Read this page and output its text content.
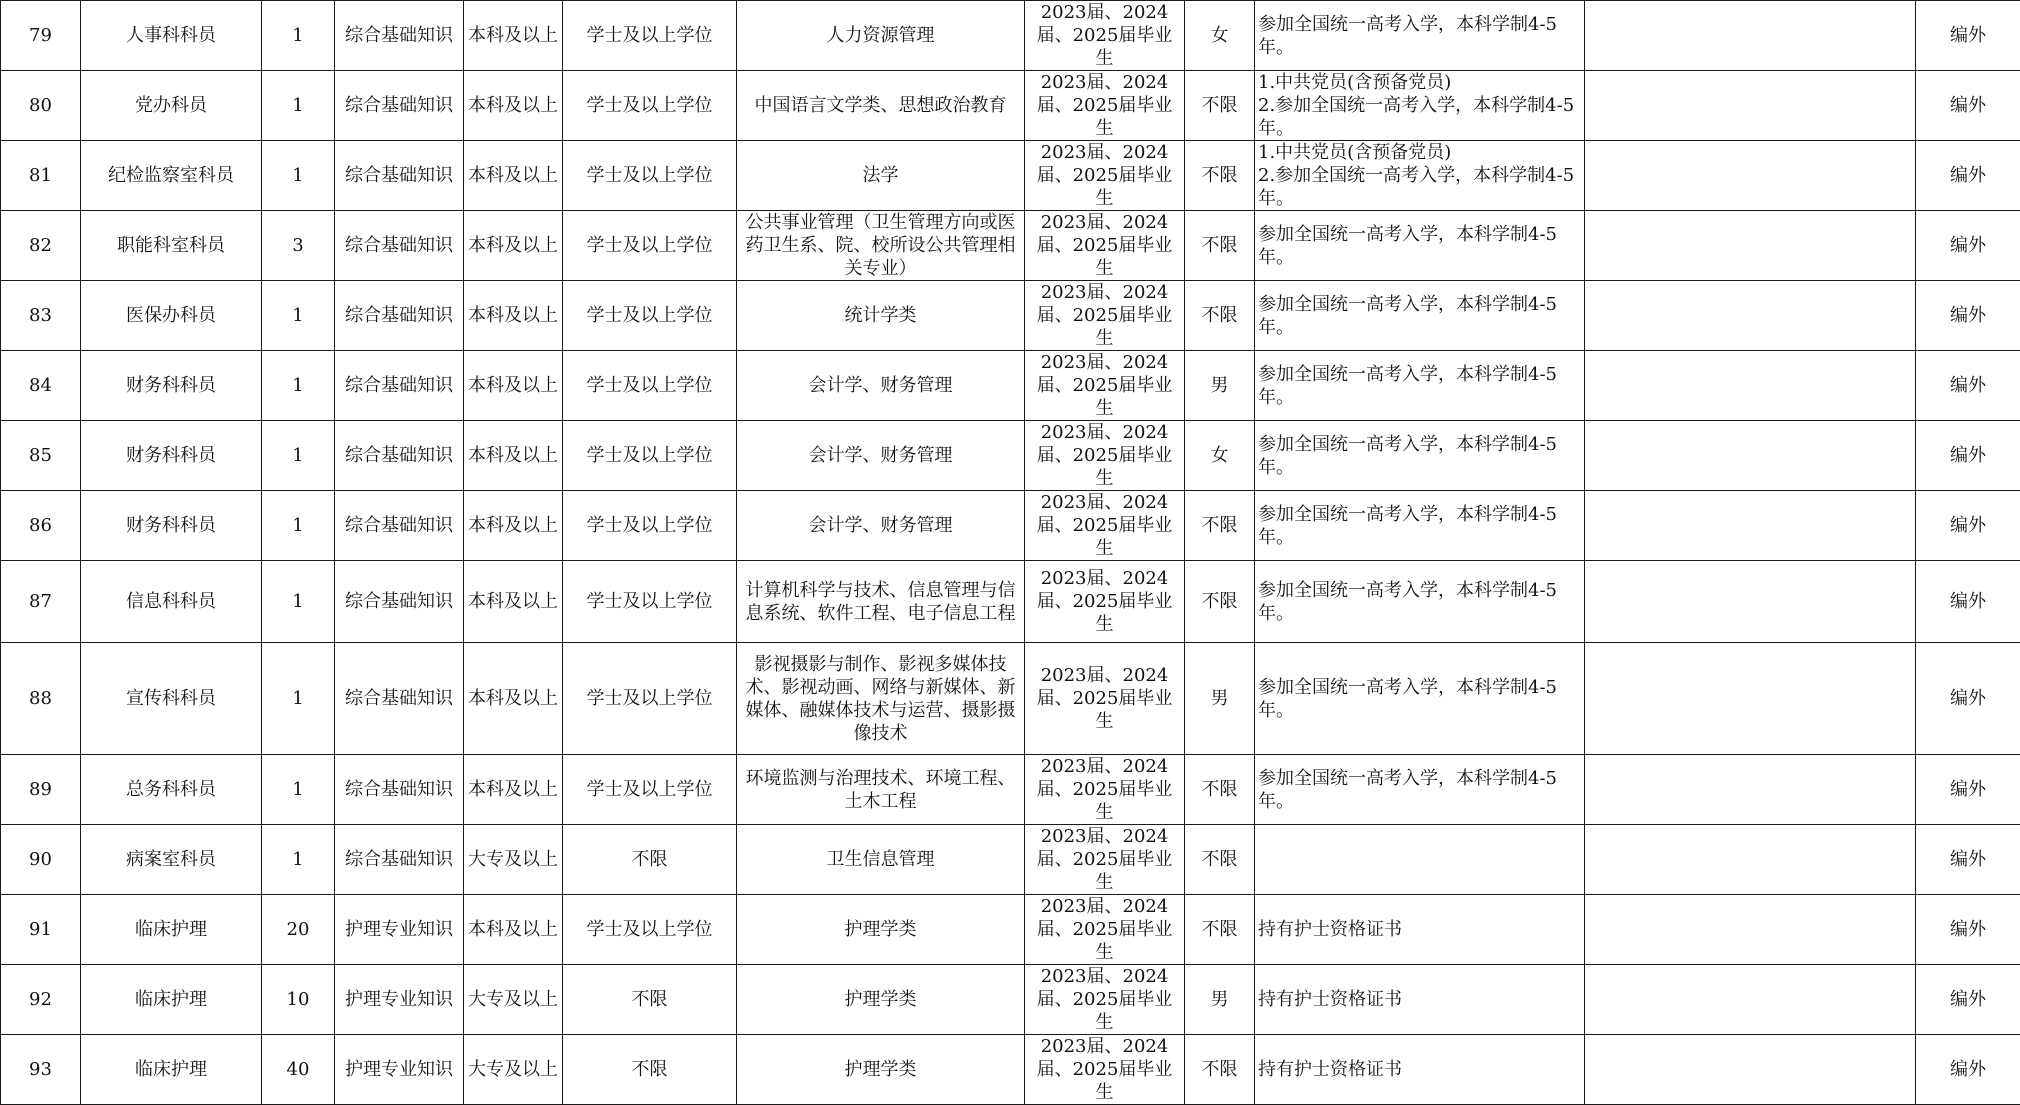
79	人事科科员	1	综合基础知识	本科及以上	学士及以上学位	人力资源管理	2023届、2024届、2025届毕业生	女	参加全国统一高考入学，本科学制4-5年。		编外
80	党办科员	1	综合基础知识	本科及以上	学士及以上学位	中国语言文学类、思想政治教育	2023届、2024届、2025届毕业生	不限	1.中共党员(含预备党员)
2.参加全国统一高考入学，本科学制4-5年。		编外
81	纪检监察室科员	1	综合基础知识	本科及以上	学士及以上学位	法学	2023届、2024届、2025届毕业生	不限	1.中共党员(含预备党员)
2.参加全国统一高考入学，本科学制4-5年。		编外
82	职能科室科员	3	综合基础知识	本科及以上	学士及以上学位	公共事业管理（卫生管理方向或医药卫生系、院、校所设公共管理相关专业）	2023届、2024届、2025届毕业生	不限	参加全国统一高考入学，本科学制4-5年。		编外
83	医保办科员	1	综合基础知识	本科及以上	学士及以上学位	统计学类	2023届、2024届、2025届毕业生	不限	参加全国统一高考入学，本科学制4-5年。		编外
84	财务科科员	1	综合基础知识	本科及以上	学士及以上学位	会计学、财务管理	2023届、2024届、2025届毕业生	男	参加全国统一高考入学，本科学制4-5年。		编外
85	财务科科员	1	综合基础知识	本科及以上	学士及以上学位	会计学、财务管理	2023届、2024届、2025届毕业生	女	参加全国统一高考入学，本科学制4-5年。		编外
86	财务科科员	1	综合基础知识	本科及以上	学士及以上学位	会计学、财务管理	2023届、2024届、2025届毕业生	不限	参加全国统一高考入学，本科学制4-5年。		编外
87	信息科科员	1	综合基础知识	本科及以上	学士及以上学位	计算机科学与技术、信息管理与信息系统、软件工程、电子信息工程	2023届、2024届、2025届毕业生	不限	参加全国统一高考入学，本科学制4-5年。		编外
88	宣传科科员	1	综合基础知识	本科及以上	学士及以上学位	影视摄影与制作、影视多媒体技术、影视动画、网络与新媒体、新媒体、融媒体技术与运营、摄影摄像技术	2023届、2024届、2025届毕业生	男	参加全国统一高考入学，本科学制4-5年。		编外
89	总务科科员	1	综合基础知识	本科及以上	学士及以上学位	环境监测与治理技术、环境工程、土木工程	2023届、2024届、2025届毕业生	不限	参加全国统一高考入学，本科学制4-5年。		编外
90	病案室科员	1	综合基础知识	大专及以上	不限	卫生信息管理	2023届、2024届、2025届毕业生	不限			编外
91	临床护理	20	护理专业知识	本科及以上	学士及以上学位	护理学类	2023届、2024届、2025届毕业生	不限	持有护士资格证书		编外
92	临床护理	10	护理专业知识	大专及以上	不限	护理学类	2023届、2024届、2025届毕业生	男	持有护士资格证书		编外
93	临床护理	40	护理专业知识	大专及以上	不限	护理学类	2023届、2024届、2025届毕业生	不限	持有护士资格证书		编外
